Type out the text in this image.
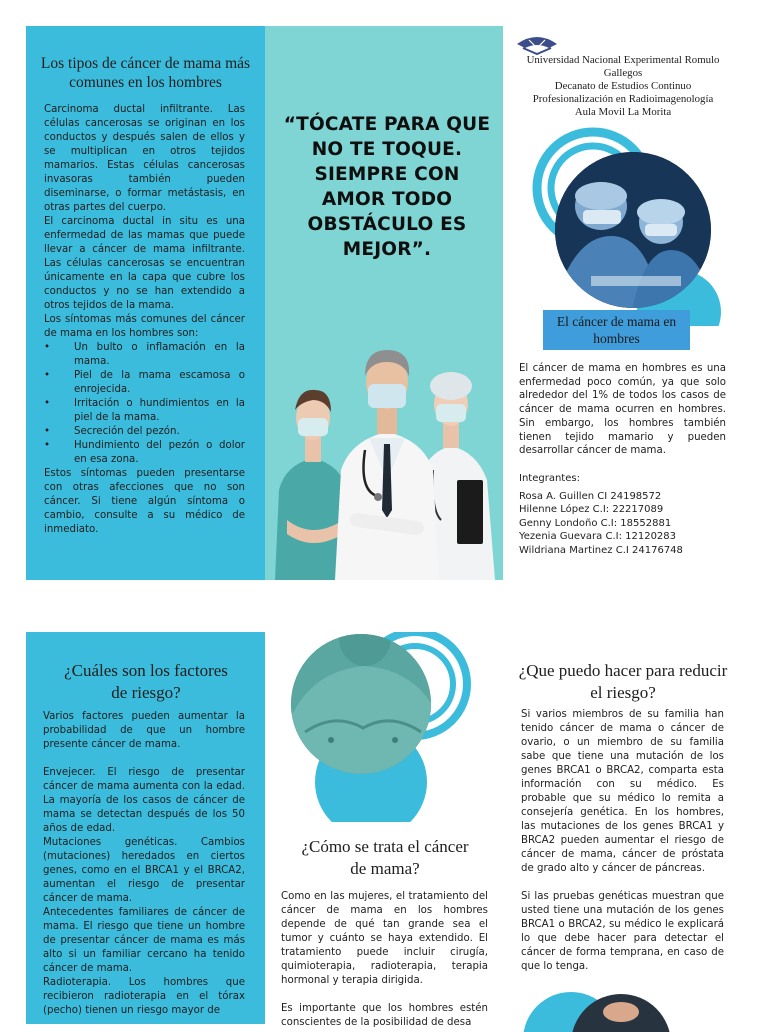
Los tipos de cáncer de mama más comunes en los hombres

Carcinoma ductal infiltrante. Las células cancerosas se originan en los conductos y después salen de ellos y se multiplican en otros tejidos mamarios. Estas células cancerosas invasoras también pueden diseminarse, o formar metástasis, en otras partes del cuerpo.

El carcinoma ductal in situ es una enfermedad de las mamas que puede llevar a cáncer de mama infiltrante. Las células cancerosas se encuentran únicamente en la capa que cubre los conductos y no se han extendido a otros tejidos de la mama.

Los síntomas más comunes del cáncer de mama en los hombres son:

•	Un bulto o inflamación en la mama.
•	Piel de la mama escamosa o enrojecida.
•	Irritación o hundimientos en la piel de la mama.
•	Secreción del pezón.
•	Hundimiento del pezón o dolor en esa zona.

Estos síntomas pueden presentarse con otras afecciones que no son cáncer. Si tiene algún síntoma o cambio, consulte a su médico de inmediato.

“TÓCATE PARA QUE NO TE TOQUE. SIEMPRE CON AMOR TODO OBSTÁCULO ES MEJOR”.
Universidad Nacional Experimental Romulo Gallegos
Decanato de Estudios Continuo
Profesionalización en Radioimagenología
Aula Movil La Morita
El cáncer de mama en hombres
El cáncer de mama en hombres es una enfermedad poco común, ya que solo alrededor del 1% de todos los casos de cáncer de mama ocurren en hombres. Sin embargo, los hombres también tienen tejido mamario y pueden desarrollar cáncer de mama.
Integrantes:
Rosa A. Guillen CI 24198572
Hilenne López C.I: 22217089
Genny Londoño C.I: 18552881
Yezenia Guevara C.I: 12120283
Wildriana Martinez C.I 24176748
¿Cuáles son los factores de riesgo?

Varios factores pueden aumentar la probabilidad de que un hombre presente cáncer de mama.

Envejecer. El riesgo de presentar cáncer de mama aumenta con la edad. La mayoría de los casos de cáncer de mama se detectan después de los 50 años de edad.

Mutaciones genéticas. Cambios (mutaciones) heredados en ciertos genes, como en el BRCA1 y el BRCA2, aumentan el riesgo de presentar cáncer de mama.

Antecedentes familiares de cáncer de mama. El riesgo que tiene un hombre de presentar cáncer de mama es más alto si un familiar cercano ha tenido cáncer de mama.

Radioterapia. Los hombres que recibieron radioterapia en el tórax (pecho) tienen un riesgo mayor de

¿Cómo se trata el cáncer de mama?

Como en las mujeres, el tratamiento del cáncer de mama en los hombres depende de qué tan grande sea el tumor y cuánto se haya extendido. El tratamiento puede incluir cirugía, quimioterapia, radioterapia, terapia hormonal y terapia dirigida.

Es importante que los hombres estén conscientes de la posibilidad de desa

¿Que puedo hacer para reducir el riesgo?

Si varios miembros de su familia han tenido cáncer de mama o cáncer de ovario, o un miembro de su familia sabe que tiene una mutación de los genes BRCA1 o BRCA2, comparta esta información con su médico. Es probable que su médico lo remita a consejería genética. En los hombres, las mutaciones de los genes BRCA1 y BRCA2 pueden aumentar el riesgo de cáncer de mama, cáncer de próstata de grado alto y cáncer de páncreas.

Si las pruebas genéticas muestran que usted tiene una mutación de los genes BRCA1 o BRCA2, su médico le explicará lo que debe hacer para detectar el cáncer de forma temprana, en caso de que lo tenga.
